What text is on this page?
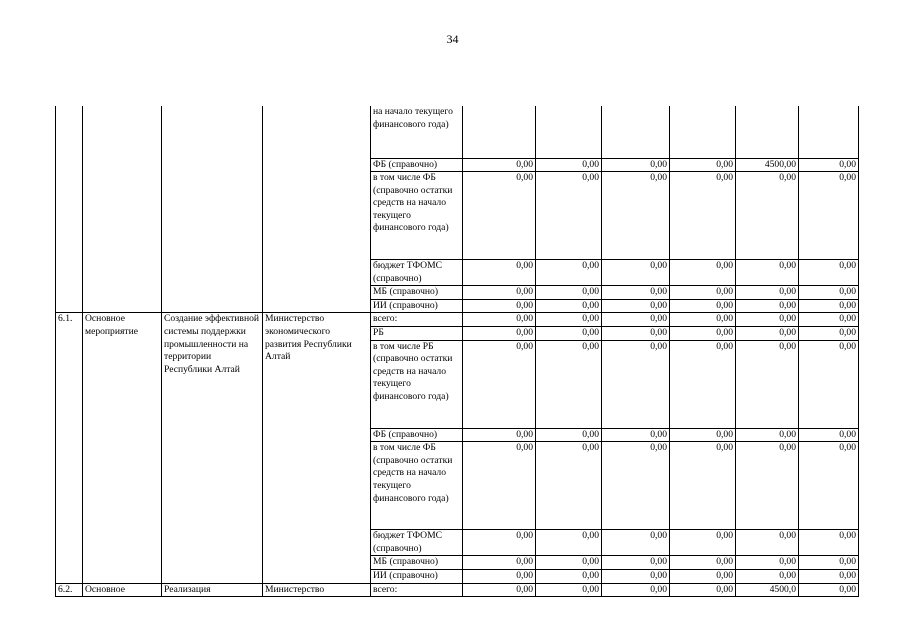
34
				на начало текущего финансового года)						
				ФБ (справочно)	0,00	0,00	0,00	0,00	4500,00	0,00
				в том числе ФБ (справочно остатки средств на начало текущего финансового года)	0,00	0,00	0,00	0,00	0,00	0,00
				бюджет ТФОМС (справочно)	0,00	0,00	0,00	0,00	0,00	0,00
				МБ (справочно)	0,00	0,00	0,00	0,00	0,00	0,00
				ИИ (справочно)	0,00	0,00	0,00	0,00	0,00	0,00
6.1.	Основное мероприятие	Создание эффективной системы поддержки промышленности на территории Республики Алтай	Министерство экономического развития Республики Алтай	всего:	0,00	0,00	0,00	0,00	0,00	0,00
				РБ	0,00	0,00	0,00	0,00	0,00	0,00
				в том числе РБ (справочно остатки средств на начало текущего финансового года)	0,00	0,00	0,00	0,00	0,00	0,00
				ФБ (справочно)	0,00	0,00	0,00	0,00	0,00	0,00
				в том числе ФБ (справочно остатки средств на начало текущего финансового года)	0,00	0,00	0,00	0,00	0,00	0,00
				бюджет ТФОМС (справочно)	0,00	0,00	0,00	0,00	0,00	0,00
				МБ (справочно)	0,00	0,00	0,00	0,00	0,00	0,00
				ИИ (справочно)	0,00	0,00	0,00	0,00	0,00	0,00
6.2.	Основное	Реализация	Министерство	всего:	0,00	0,00	0,00	0,00	4500,0	0,00
